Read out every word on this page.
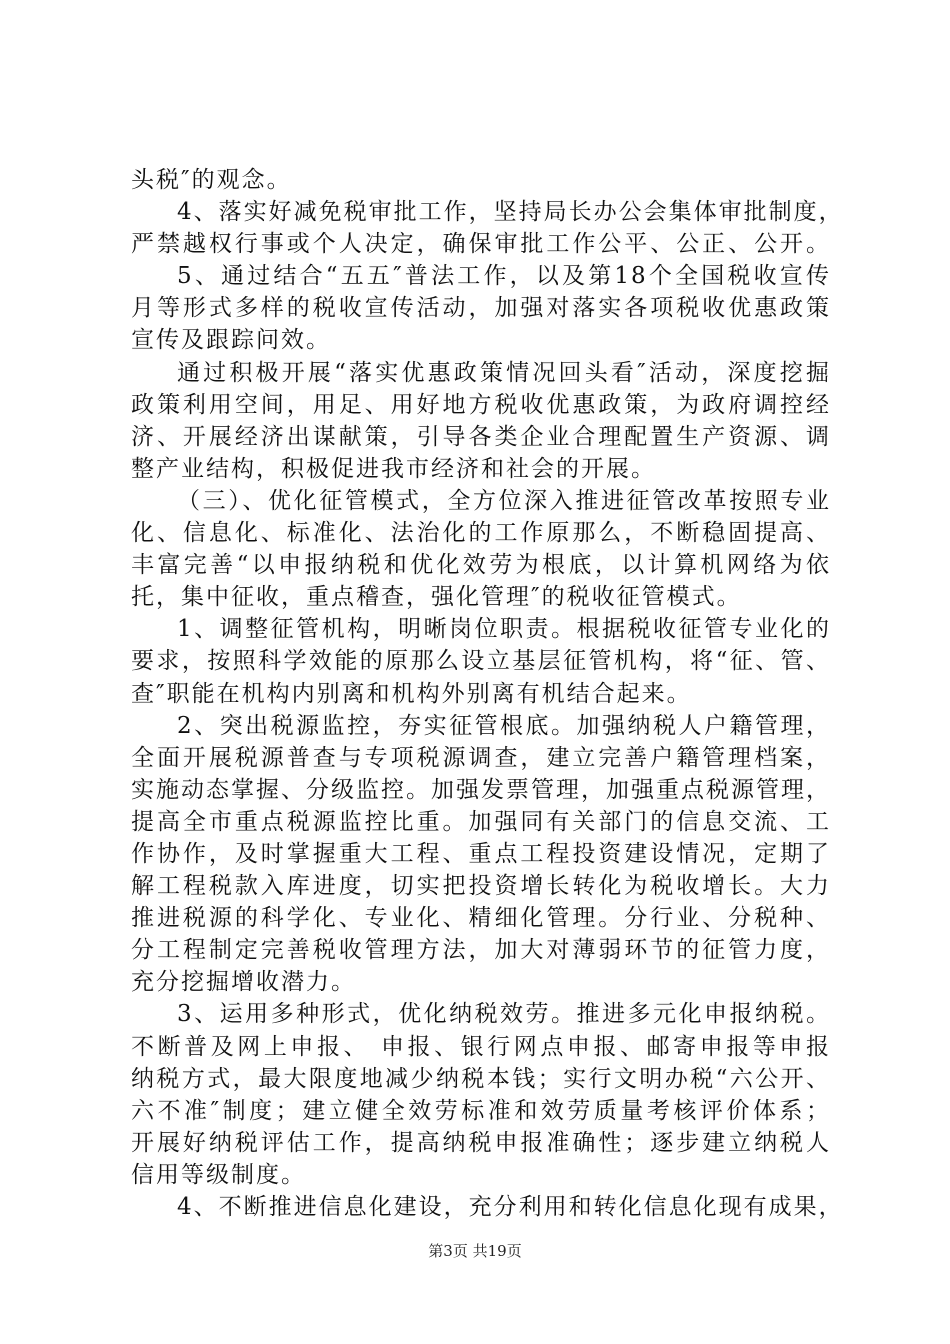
头税″的观念。
4、落实好减免税审批工作，坚持局长办公会集体审批制度，
严禁越权行事或个人决定，确保审批工作公平、公正、公开。
5、通过结合“五五″普法工作，以及第18个全国税收宣传
月等形式多样的税收宣传活动，加强对落实各项税收优惠政策
宣传及跟踪问效。
通过积极开展“落实优惠政策情况回头看″活动，深度挖掘
政策利用空间，用足、用好地方税收优惠政策，为政府调控经
济、开展经济出谋献策，引导各类企业合理配置生产资源、调
整产业结构，积极促进我市经济和社会的开展。
（三）、优化征管模式，全方位深入推进征管改革按照专业
化、信息化、标准化、法治化的工作原那么，不断稳固提高、
丰富完善“以申报纳税和优化效劳为根底，以计算机网络为依
托，集中征收，重点稽查，强化管理″的税收征管模式。
1、调整征管机构，明晰岗位职责。根据税收征管专业化的
要求，按照科学效能的原那么设立基层征管机构，将“征、管、
查″职能在机构内别离和机构外别离有机结合起来。
2、突出税源监控，夯实征管根底。加强纳税人户籍管理，
全面开展税源普查与专项税源调查，建立完善户籍管理档案，
实施动态掌握、分级监控。加强发票管理，加强重点税源管理，
提高全市重点税源监控比重。加强同有关部门的信息交流、工
作协作，及时掌握重大工程、重点工程投资建设情况，定期了
解工程税款入库进度，切实把投资增长转化为税收增长。大力
推进税源的科学化、专业化、精细化管理。分行业、分税种、
分工程制定完善税收管理方法，加大对薄弱环节的征管力度，
充分挖掘增收潜力。
3、运用多种形式，优化纳税效劳。推进多元化申报纳税。
不断普及网上申报、 申报、银行网点申报、邮寄申报等申报
纳税方式，最大限度地减少纳税本钱；实行文明办税“六公开、
六不准″制度；建立健全效劳标准和效劳质量考核评价体系；
开展好纳税评估工作，提高纳税申报准确性；逐步建立纳税人
信用等级制度。
4、不断推进信息化建设，充分利用和转化信息化现有成果，
第3页 共19页
